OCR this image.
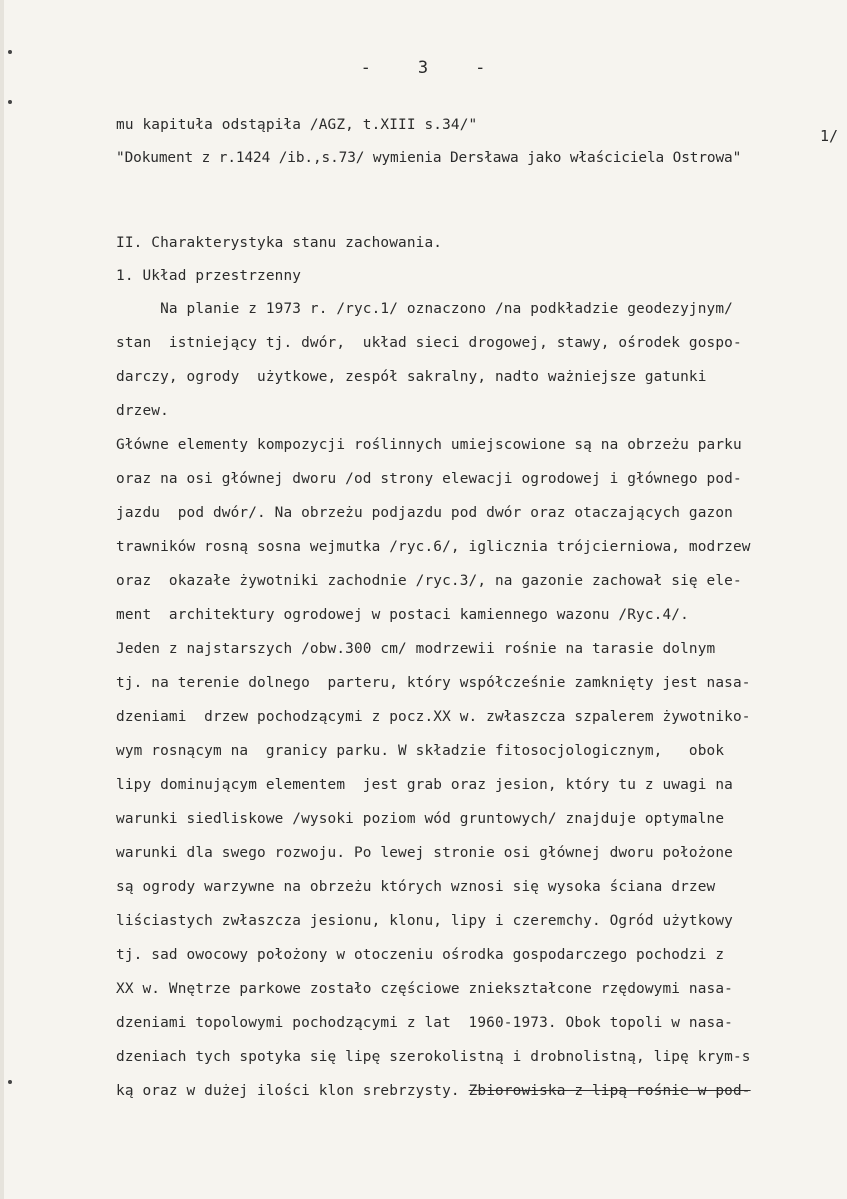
-	3	-
1/
mu kapituła odstąpiła /AGZ, t.XIII s.34/"
"Dokument z r.1424 /ib.,s.73/ wymienia Dersława jako właściciela Ostrowa"
II. Charakterystyka stanu zachowania.
1. Układ przestrzenny
Na planie z 1973 r. /ryc.1/ oznaczono /na podkładzie geodezyjnym/
stan  istniejący tj. dwór,  układ sieci drogowej, stawy, ośrodek gospo-
darczy, ogrody  użytkowe, zespół sakralny, nadto ważniejsze gatunki
drzew.
Główne elementy kompozycji roślinnych umiejscowione są na obrzeżu parku
oraz na osi głównej dworu /od strony elewacji ogrodowej i głównego pod-
jazdu  pod dwór/. Na obrzeżu podjazdu pod dwór oraz otaczających gazon
trawników rosną sosna wejmutka /ryc.6/, iglicznia trójcierniowa, modrzew
oraz  okazałe żywotniki zachodnie /ryc.3/, na gazonie zachował się ele-
ment  architektury ogrodowej w postaci kamiennego wazonu /Ryc.4/.
Jeden z najstarszych /obw.300 cm/ modrzewii rośnie na tarasie dolnym
tj. na terenie dolnego  parteru, który współcześnie zamknięty jest nasa-
dzeniami  drzew pochodzącymi z pocz.XX w. zwłaszcza szpalerem żywotniko-
wym rosnącym na  granicy parku. W składzie fitosocjologicznym,   obok
lipy dominującym elementem  jest grab oraz jesion, który tu z uwagi na
warunki siedliskowe /wysoki poziom wód gruntowych/ znajduje optymalne
warunki dla swego rozwoju. Po lewej stronie osi głównej dworu położone
są ogrody warzywne na obrzeżu których wznosi się wysoka ściana drzew
liściastych zwłaszcza jesionu, klonu, lipy i czeremchy. Ogród użytkowy
tj. sad owocowy położony w otoczeniu ośrodka gospodarczego pochodzi z
XX w. Wnętrze parkowe zostało częściowe zniekształcone rzędowymi nasa-
dzeniami topolowymi pochodzącymi z lat  1960-1973. Obok topoli w nasa-
dzeniach tych spotyka się lipę szerokolistną i drobnolistną, lipę krym-s
ką oraz w dużej ilości klon srebrzysty. Zbiorowiska z lipą rośnie w pod-
